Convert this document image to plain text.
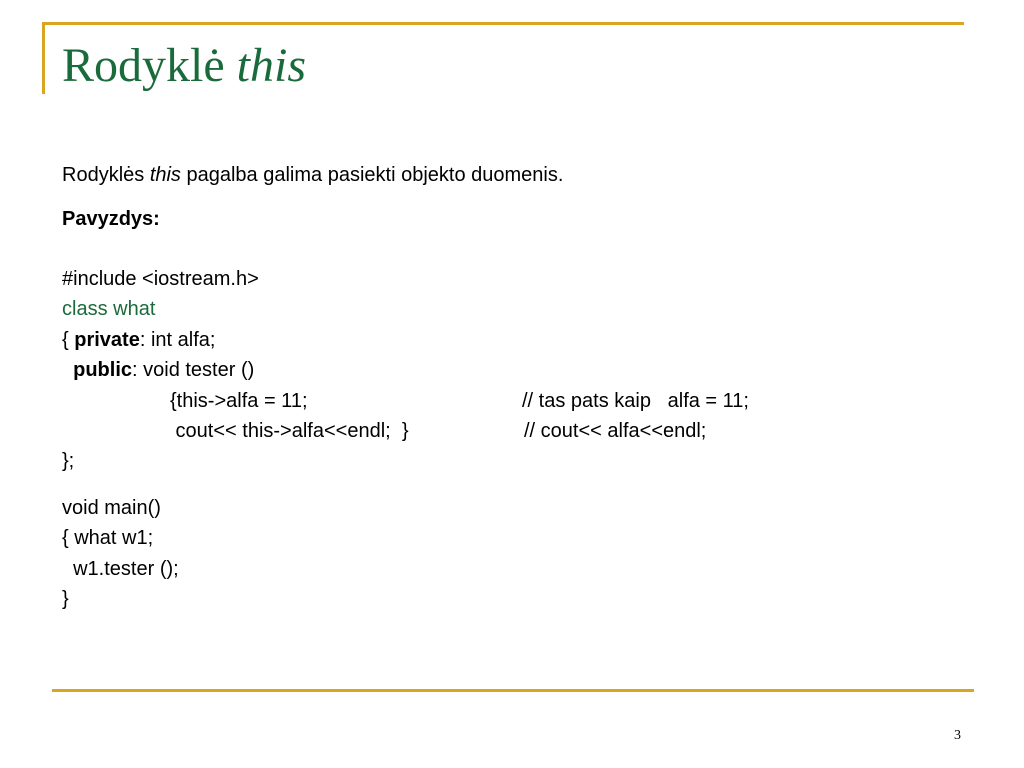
Rodyklė this

Rodyklės this pagalba galima pasiekti objekto duomenis.

Pavyzdys:

#include <iostream.h>
class what
{ private: int alfa;
public: void tester ()
{this->alfa = 11;	// tas pats kaip   alfa = 11;
cout<< this->alfa<<endl;  }	// cout<< alfa<<endl;
};
void main()
{ what w1;
w1.tester ();
}
3
